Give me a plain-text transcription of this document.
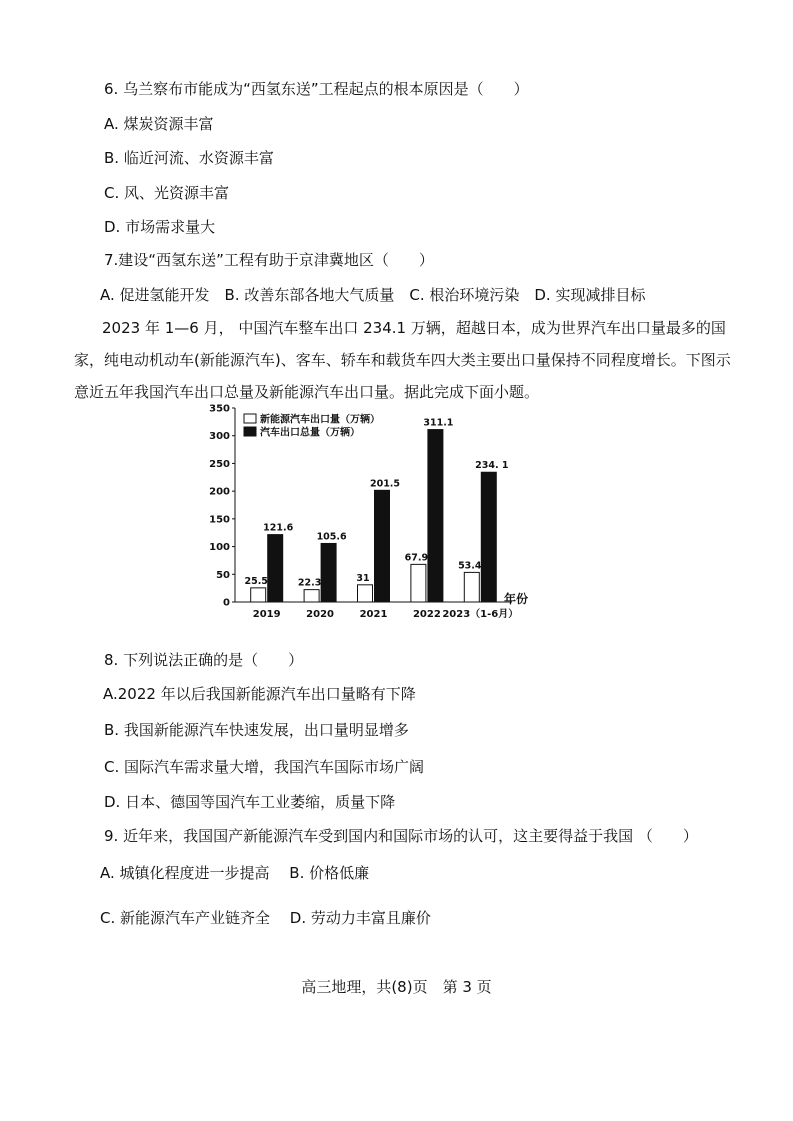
6. 乌兰察布市能成为“西氢东送”工程起点的根本原因是（　　）
A. 煤炭资源丰富
B. 临近河流、水资源丰富
C. 风、光资源丰富
D. 市场需求量大
7.建设“西氢东送”工程有助于京津冀地区（　　）
A. 促进氢能开发　B. 改善东部各地大气质量　C. 根治环境污染　D. 实现减排目标
2023 年 1—6 月， 中国汽车整车出口 234.1 万辆，超越日本，成为世界汽车出口量最多的国家，纯电动机动车(新能源汽车)、客车、轿车和载货车四大类主要出口量保持不同程度增长。下图示意近五年我国汽车出口总量及新能源汽车出口量。据此完成下面小题。
0
50
100
150
200
250
300
350
25.5
121.6
2019
22.3
105.6
2020
31
201.5
2021
67.9
311.1
2022
53.4
234. 1
2023（1-6月）
年份
新能源汽车出口量（万辆）
汽车出口总量（万辆）
8. 下列说法正确的是（　　）
A.2022 年以后我国新能源汽车出口量略有下降
B. 我国新能源汽车快速发展，出口量明显增多
C. 国际汽车需求量大增，我国汽车国际市场广阔
D. 日本、德国等国汽车工业萎缩，质量下降
9. 近年来，我国国产新能源汽车受到国内和国际市场的认可，这主要得益于我国 （　　）
A. 城镇化程度进一步提高　 B. 价格低廉
C. 新能源汽车产业链齐全　 D. 劳动力丰富且廉价
高三地理，共(8)页　第 3 页
